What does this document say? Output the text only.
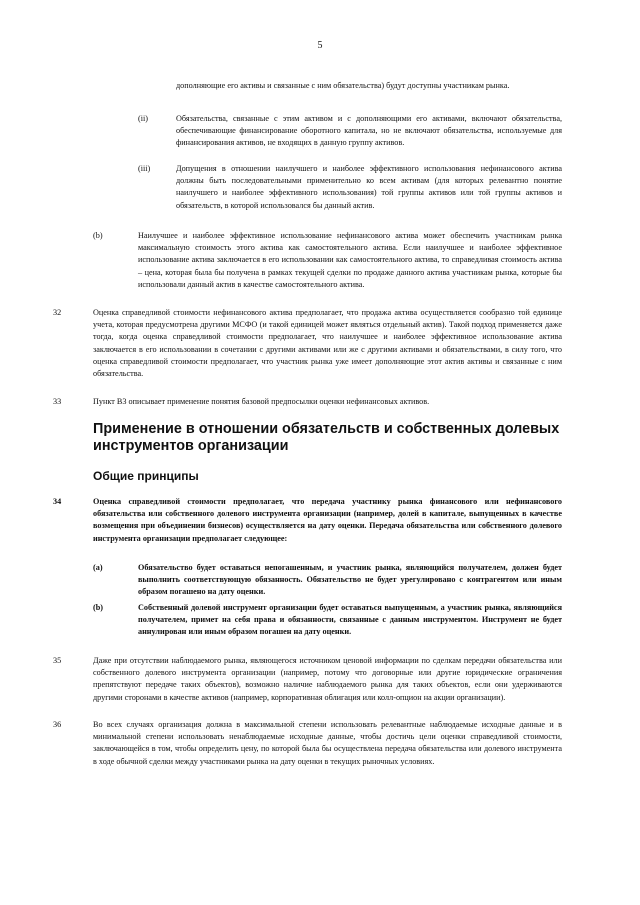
5

дополняющие его активы и связанные с ним обязательства) будут доступны участникам рынка.

(ii)	Обязательства, связанные с этим активом и с дополняющими его активами, включают обязательства, обеспечивающие финансирование оборотного капитала, но не включают обязательства, используемые для финансирования активов, не входящих в данную группу активов.

(iii)	Допущения в отношении наилучшего и наиболее эффективного использования нефинансового актива должны быть последовательными применительно ко всем активам (для которых релевантно понятие наилучшего и наиболее эффективного использования) той группы активов или той группы активов и обязательств, в которой использовался бы данный актив.

(b)	Наилучшее и наиболее эффективное использование нефинансового актива может обеспечить участникам рынка максимальную стоимость этого актива как самостоятельного актива. Если наилучшее и наиболее эффективное использование актива заключается в его использовании как самостоятельного актива, то справедливая стоимость актива – цена, которая была бы получена в рамках текущей сделки по продаже данного актива участникам рынка, которые бы использовали данный актив в качестве самостоятельного актива.

32	Оценка справедливой стоимости нефинансового актива предполагает, что продажа актива осуществляется сообразно той единице учета, которая предусмотрена другими МСФО (и такой единицей может являться отдельный актив). Такой подход применяется даже тогда, когда оценка справедливой стоимости предполагает, что наилучшее и наиболее эффективное использование актива заключается в его использовании в сочетании с другими активами или же с другими активами и обязательствами, в силу того, что оценка справедливой стоимости предполагает, что участник рынка уже имеет дополняющие этот актив активы и связанные с ним обязательства.

33	Пункт В3 описывает применение понятия базовой предпосылки оценки нефинансовых активов.

Применение в отношении обязательств и собственных долевых инструментов организации
Общие принципы
34	Оценка справедливой стоимости предполагает, что передача участнику рынка финансового или нефинансового обязательства или собственного долевого инструмента организации (например, долей в капитале, выпущенных в качестве возмещения при объединении бизнесов) осуществляется на дату оценки. Передача обязательства или собственного долевого инструмента организации предполагает следующее:

(a)	Обязательство будет оставаться непогашенным, и участник рынка, являющийся получателем, должен будет выполнить соответствующую обязанность. Обязательство не будет урегулировано с контрагентом или иным образом погашено на дату оценки.

(b)	Собственный долевой инструмент организации будет оставаться выпущенным, а участник рынка, являющийся получателем, примет на себя права и обязанности, связанные с данным инструментом. Инструмент не будет аннулирован или иным образом погашен на дату оценки.

35	Даже при отсутствии наблюдаемого рынка, являющегося источником ценовой информации по сделкам передачи обязательства или собственного долевого инструмента организации (например, потому что договорные или другие юридические ограничения препятствуют передаче таких объектов), возможно наличие наблюдаемого рынка для таких объектов, если они удерживаются другими сторонами в качестве активов (например, корпоративная облигация или колл-опцион на акции организации).

36	Во всех случаях организация должна в максимальной степени использовать релевантные наблюдаемые исходные данные и в минимальной степени использовать ненаблюдаемые исходные данные, чтобы достичь цели оценки справедливой стоимости, заключающейся в том, чтобы определить цену, по которой была бы осуществлена передача обязательства или долевого инструмента в ходе обычной сделки между участниками рынка на дату оценки в текущих рыночных условиях.
